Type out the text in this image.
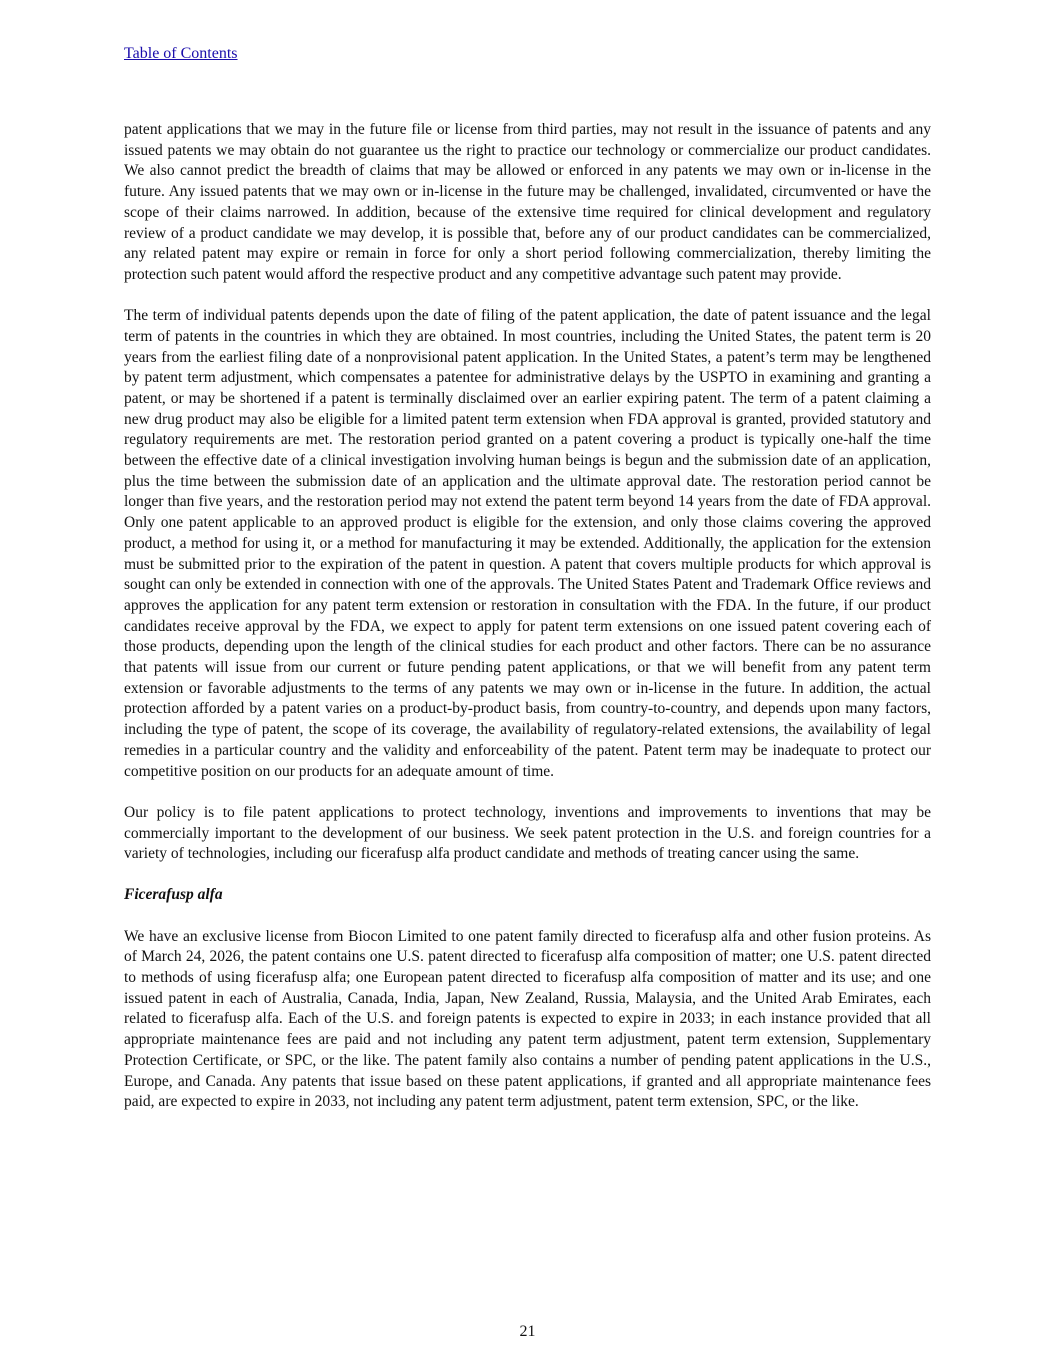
Table of Contents

patent applications that we may in the future file or license from third parties, may not result in the issuance of patents and any issued patents we may obtain do not guarantee us the right to practice our technology or commercialize our product candidates. We also cannot predict the breadth of claims that may be allowed or enforced in any patents we may own or in-license in the future. Any issued patents that we may own or in-license in the future may be challenged, invalidated, circumvented or have the scope of their claims narrowed. In addition, because of the extensive time required for clinical development and regulatory review of a product candidate we may develop, it is possible that, before any of our product candidates can be commercialized, any related patent may expire or remain in force for only a short period following commercialization, thereby limiting the protection such patent would afford the respective product and any competitive advantage such patent may provide.

The term of individual patents depends upon the date of filing of the patent application, the date of patent issuance and the legal term of patents in the countries in which they are obtained. In most countries, including the United States, the patent term is 20 years from the earliest filing date of a nonprovisional patent application. In the United States, a patent’s term may be lengthened by patent term adjustment, which compensates a patentee for administrative delays by the USPTO in examining and granting a patent, or may be shortened if a patent is terminally disclaimed over an earlier expiring patent. The term of a patent claiming a new drug product may also be eligible for a limited patent term extension when FDA approval is granted, provided statutory and regulatory requirements are met. The restoration period granted on a patent covering a product is typically one-half the time between the effective date of a clinical investigation involving human beings is begun and the submission date of an application, plus the time between the submission date of an application and the ultimate approval date. The restoration period cannot be longer than five years, and the restoration period may not extend the patent term beyond 14 years from the date of FDA approval. Only one patent applicable to an approved product is eligible for the extension, and only those claims covering the approved product, a method for using it, or a method for manufacturing it may be extended. Additionally, the application for the extension must be submitted prior to the expiration of the patent in question. A patent that covers multiple products for which approval is sought can only be extended in connection with one of the approvals. The United States Patent and Trademark Office reviews and approves the application for any patent term extension or restoration in consultation with the FDA. In the future, if our product candidates receive approval by the FDA, we expect to apply for patent term extensions on one issued patent covering each of those products, depending upon the length of the clinical studies for each product and other factors. There can be no assurance that patents will issue from our current or future pending patent applications, or that we will benefit from any patent term extension or favorable adjustments to the terms of any patents we may own or in-license in the future. In addition, the actual protection afforded by a patent varies on a product-by-product basis, from country-to-country, and depends upon many factors, including the type of patent, the scope of its coverage, the availability of regulatory-related extensions, the availability of legal remedies in a particular country and the validity and enforceability of the patent. Patent term may be inadequate to protect our competitive position on our products for an adequate amount of time.

Our policy is to file patent applications to protect technology, inventions and improvements to inventions that may be commercially important to the development of our business. We seek patent protection in the U.S. and foreign countries for a variety of technologies, including our ficerafusp alfa product candidate and methods of treating cancer using the same.

Ficerafusp alfa

We have an exclusive license from Biocon Limited to one patent family directed to ficerafusp alfa and other fusion proteins. As of March 24, 2026, the patent contains one U.S. patent directed to ficerafusp alfa composition of matter; one U.S. patent directed to methods of using ficerafusp alfa; one European patent directed to ficerafusp alfa composition of matter and its use; and one issued patent in each of Australia, Canada, India, Japan, New Zealand, Russia, Malaysia, and the United Arab Emirates, each related to ficerafusp alfa. Each of the U.S. and foreign patents is expected to expire in 2033; in each instance provided that all appropriate maintenance fees are paid and not including any patent term adjustment, patent term extension, Supplementary Protection Certificate, or SPC, or the like. The patent family also contains a number of pending patent applications in the U.S., Europe, and Canada. Any patents that issue based on these patent applications, if granted and all appropriate maintenance fees paid, are expected to expire in 2033, not including any patent term adjustment, patent term extension, SPC, or the like.

21
